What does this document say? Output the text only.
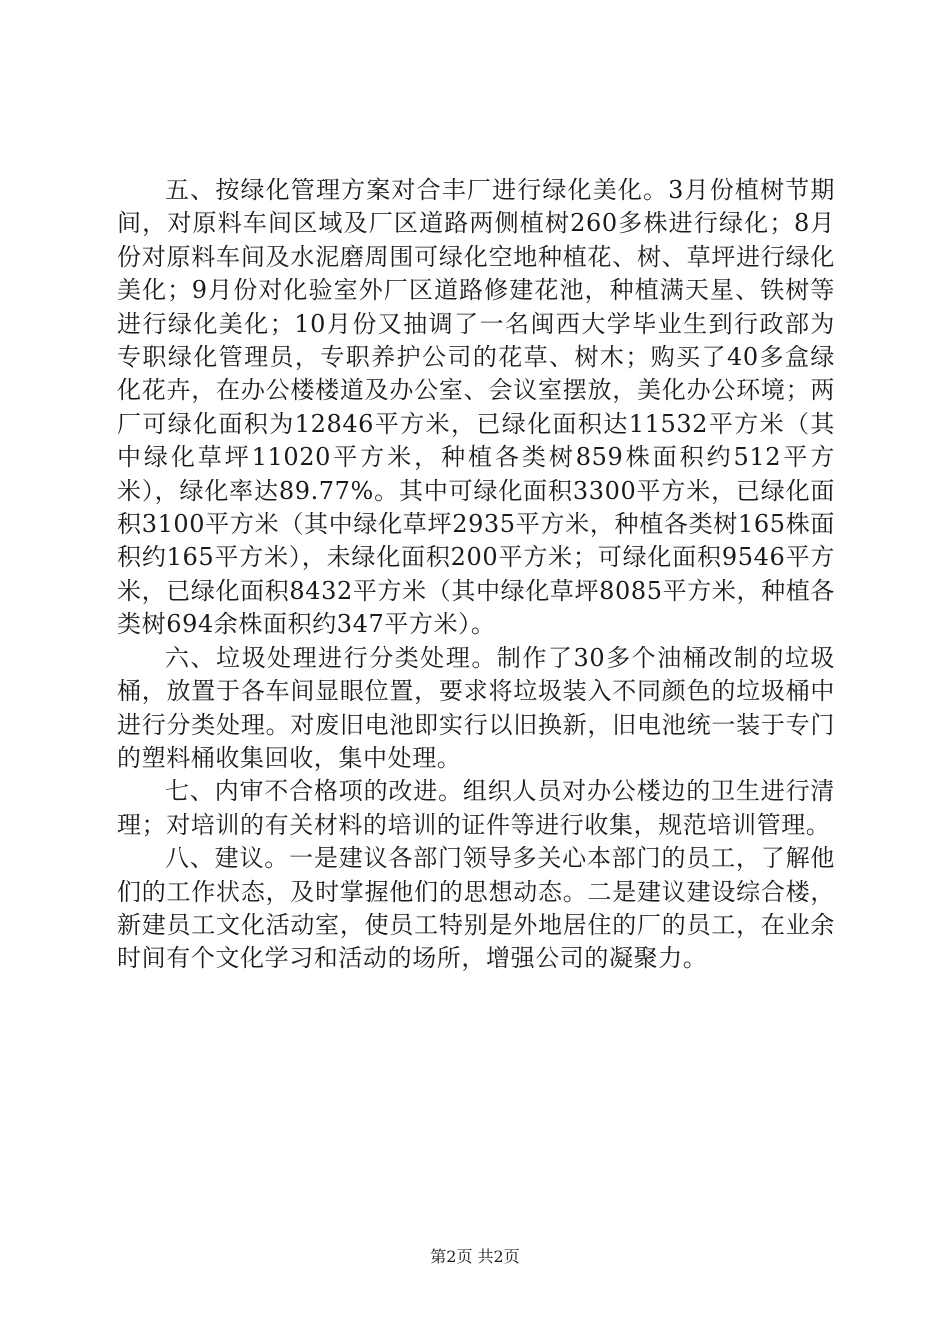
五、按绿化管理方案对合丰厂进行绿化美化。3月份植树节期间，对原料车间区域及厂区道路两侧植树260多株进行绿化；8月份对原料车间及水泥磨周围可绿化空地种植花、树、草坪进行绿化美化；9月份对化验室外厂区道路修建花池，种植满天星、铁树等进行绿化美化；10月份又抽调了一名闽西大学毕业生到行政部为专职绿化管理员，专职养护公司的花草、树木；购买了40多盒绿化花卉，在办公楼楼道及办公室、会议室摆放，美化办公环境；两厂可绿化面积为12846平方米，已绿化面积达11532平方米（其中绿化草坪11020平方米，种植各类树859株面积约512平方米），绿化率达89.77%。其中可绿化面积3300平方米，已绿化面积3100平方米（其中绿化草坪2935平方米，种植各类树165株面积约165平方米），未绿化面积200平方米；可绿化面积9546平方米，已绿化面积8432平方米（其中绿化草坪8085平方米，种植各类树694余株面积约347平方米）。

六、垃圾处理进行分类处理。制作了30多个油桶改制的垃圾桶，放置于各车间显眼位置，要求将垃圾装入不同颜色的垃圾桶中进行分类处理。对废旧电池即实行以旧换新，旧电池统一装于专门的塑料桶收集回收，集中处理。

七、内审不合格项的改进。组织人员对办公楼边的卫生进行清理；对培训的有关材料的培训的证件等进行收集，规范培训管理。

八、建议。一是建议各部门领导多关心本部门的员工，了解他们的工作状态，及时掌握他们的思想动态。二是建议建设综合楼，新建员工文化活动室，使员工特别是外地居住的厂的员工，在业余时间有个文化学习和活动的场所，增强公司的凝聚力。

第2页 共2页
